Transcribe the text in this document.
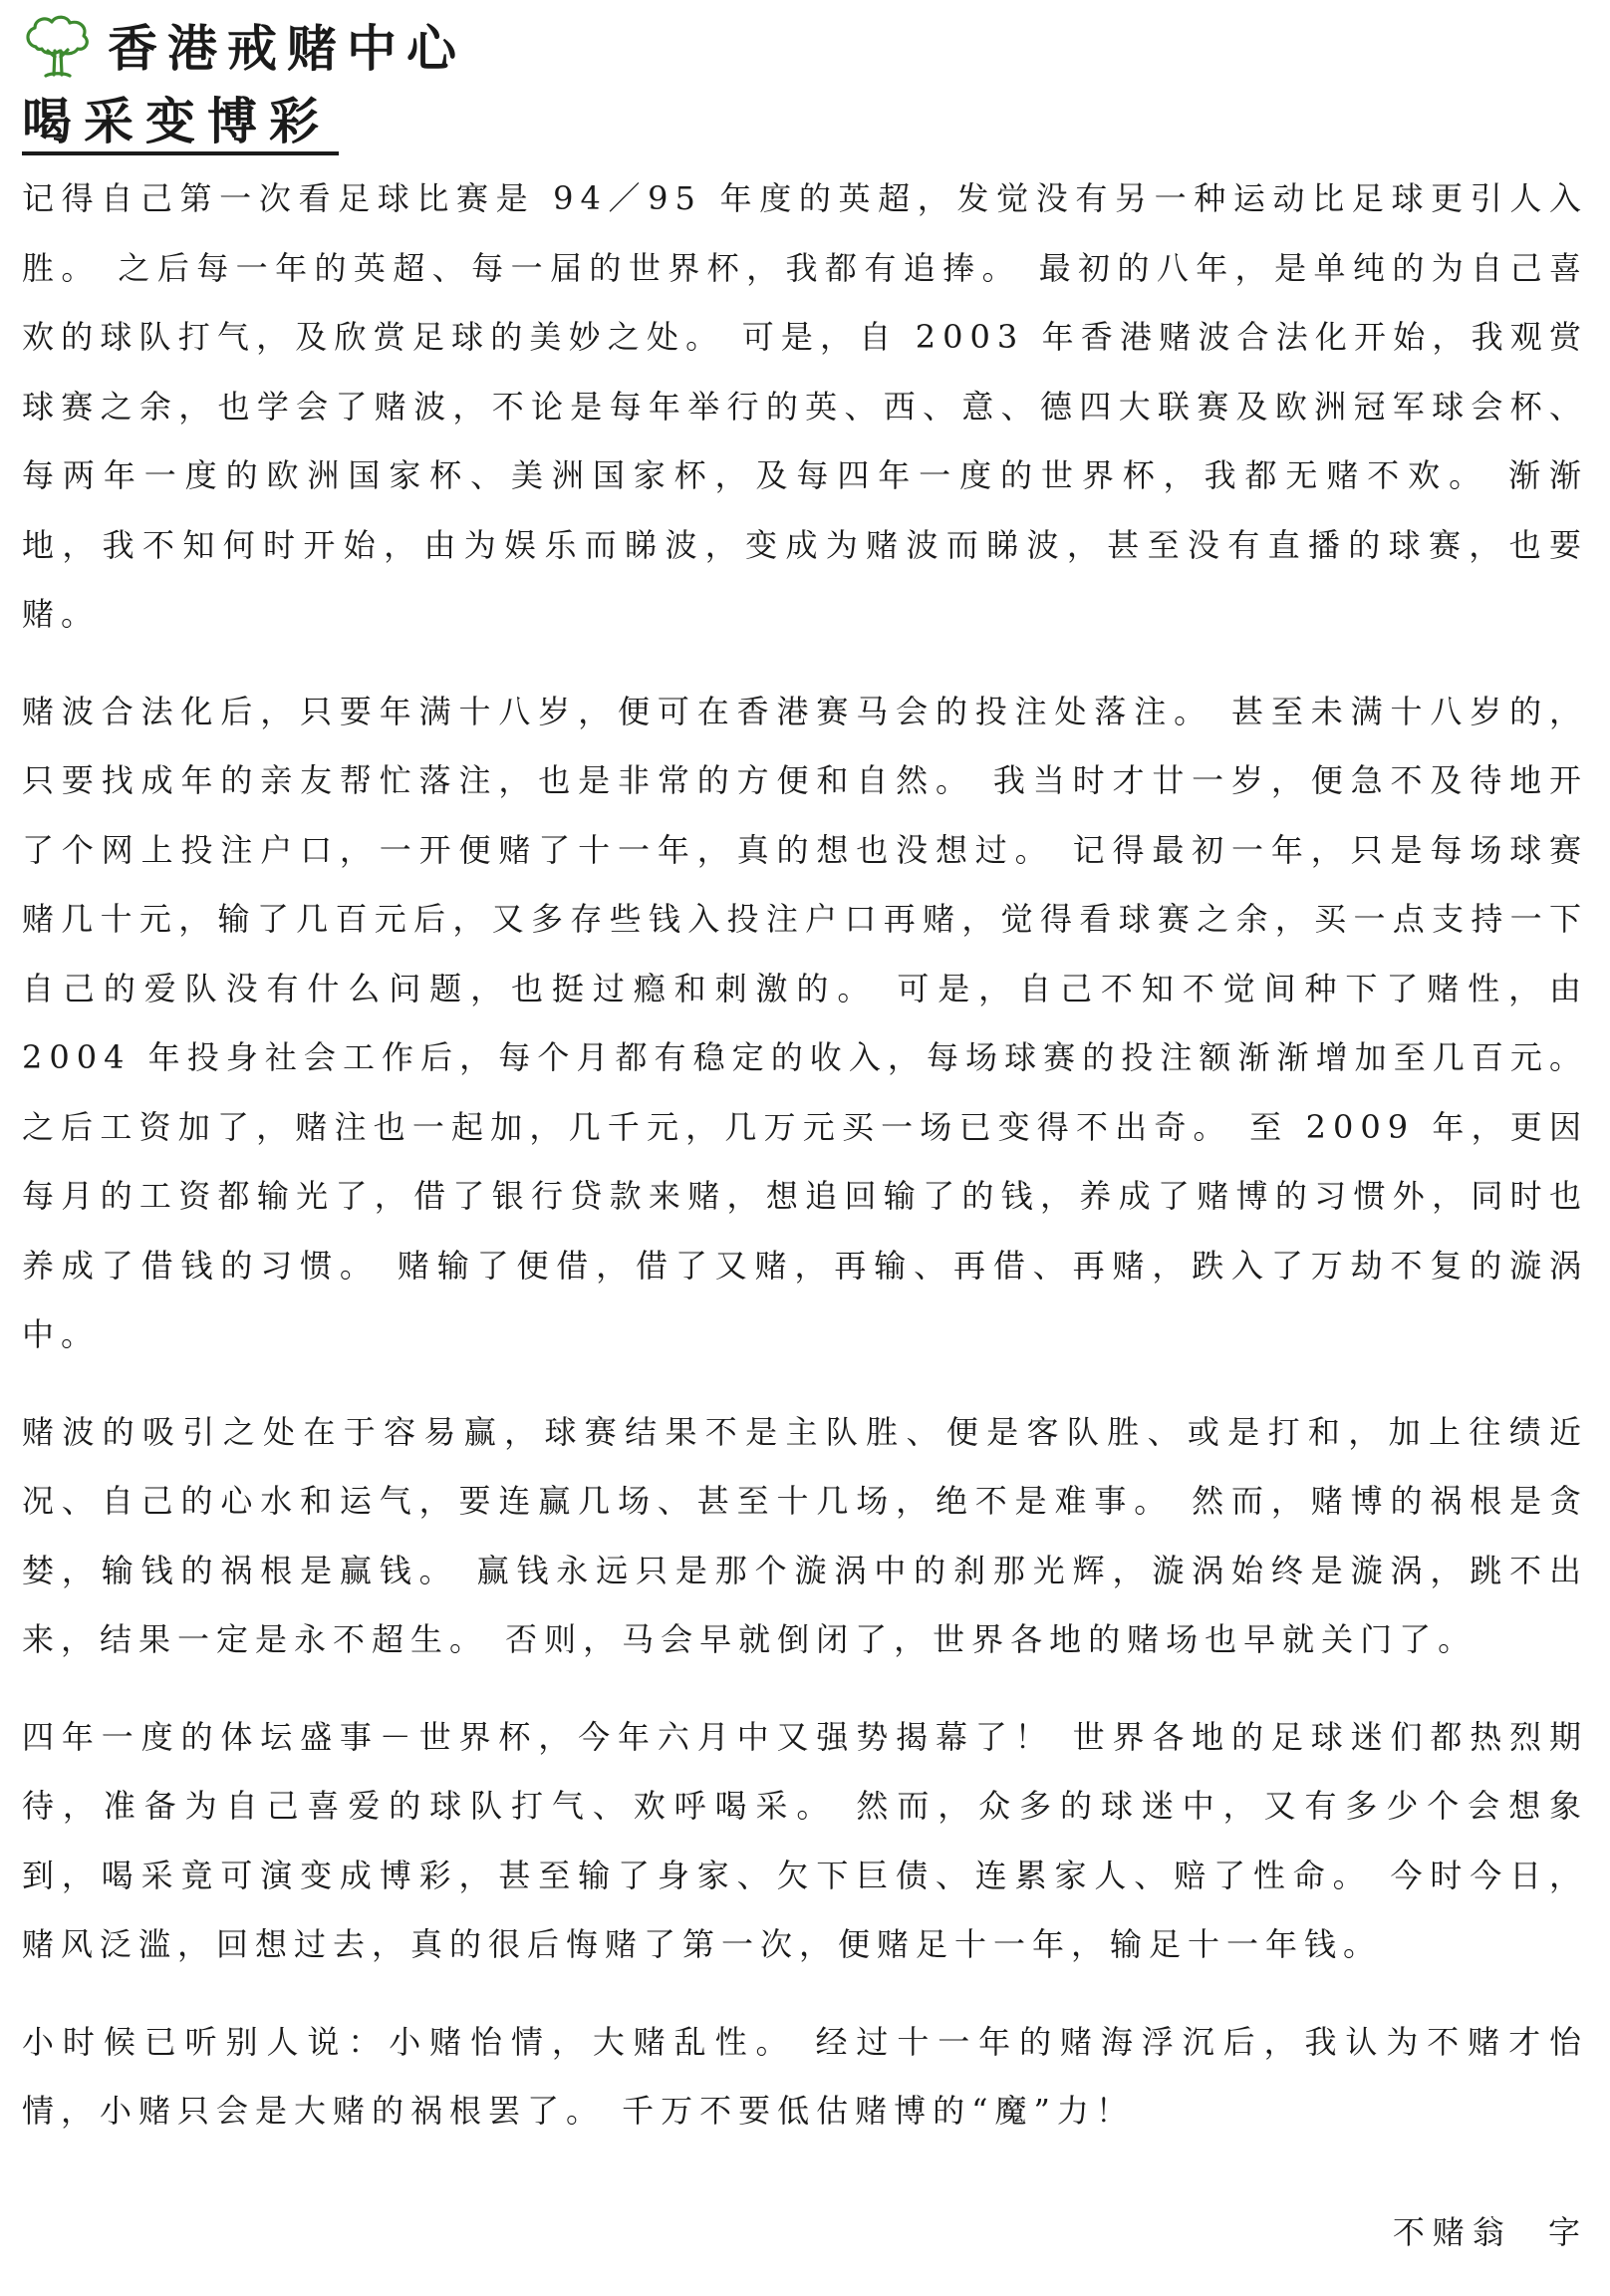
香港戒赌中心
喝采变博彩

记得自己第一次看足球比赛是 94／95 年度的英超，发觉没有另一种运动比足球更引人入胜。 之后每一年的英超、每一届的世界杯，我都有追捧。 最初的八年，是单纯的为自己喜欢的球队打气，及欣赏足球的美妙之处。 可是，自 2003 年香港赌波合法化开始，我观赏球赛之余，也学会了赌波，不论是每年举行的英、西、意、德四大联赛及欧洲冠军球会杯、每两年一度的欧洲国家杯、美洲国家杯，及每四年一度的世界杯，我都无赌不欢。 渐渐地，我不知何时开始，由为娱乐而睇波，变成为赌波而睇波，甚至没有直播的球赛，也要赌。

赌波合法化后，只要年满十八岁，便可在香港赛马会的投注处落注。 甚至未满十八岁的，只要找成年的亲友帮忙落注，也是非常的方便和自然。 我当时才廿一岁，便急不及待地开了个网上投注户口，一开便赌了十一年，真的想也没想过。 记得最初一年，只是每场球赛赌几十元，输了几百元后，又多存些钱入投注户口再赌，觉得看球赛之余，买一点支持一下自己的爱队没有什么问题，也挺过瘾和刺激的。 可是，自己不知不觉间种下了赌性，由 2004 年投身社会工作后，每个月都有稳定的收入，每场球赛的投注额渐渐增加至几百元。 之后工资加了，赌注也一起加，几千元，几万元买一场已变得不出奇。 至 2009 年，更因每月的工资都输光了，借了银行贷款来赌，想追回输了的钱，养成了赌博的习惯外，同时也养成了借钱的习惯。 赌输了便借，借了又赌，再输、再借、再赌，跌入了万劫不复的漩涡中。

赌波的吸引之处在于容易赢，球赛结果不是主队胜、便是客队胜、或是打和，加上往绩近况、自己的心水和运气，要连赢几场、甚至十几场，绝不是难事。 然而，赌博的祸根是贪婪，输钱的祸根是赢钱。 赢钱永远只是那个漩涡中的刹那光辉，漩涡始终是漩涡，跳不出来，结果一定是永不超生。 否则，马会早就倒闭了，世界各地的赌场也早就关门了。

四年一度的体坛盛事－世界杯，今年六月中又强势揭幕了！ 世界各地的足球迷们都热烈期待，准备为自己喜爱的球队打气、欢呼喝采。 然而，众多的球迷中，又有多少个会想象到，喝采竟可演变成博彩，甚至输了身家、欠下巨债、连累家人、赔了性命。 今时今日，赌风泛滥，回想过去，真的很后悔赌了第一次，便赌足十一年，输足十一年钱。

小时候已听别人说：小赌怡情，大赌乱性。 经过十一年的赌海浮沉后，我认为不赌才怡情，小赌只会是大赌的祸根罢了。 千万不要低估赌博的“魔”力！

不赌翁 字
